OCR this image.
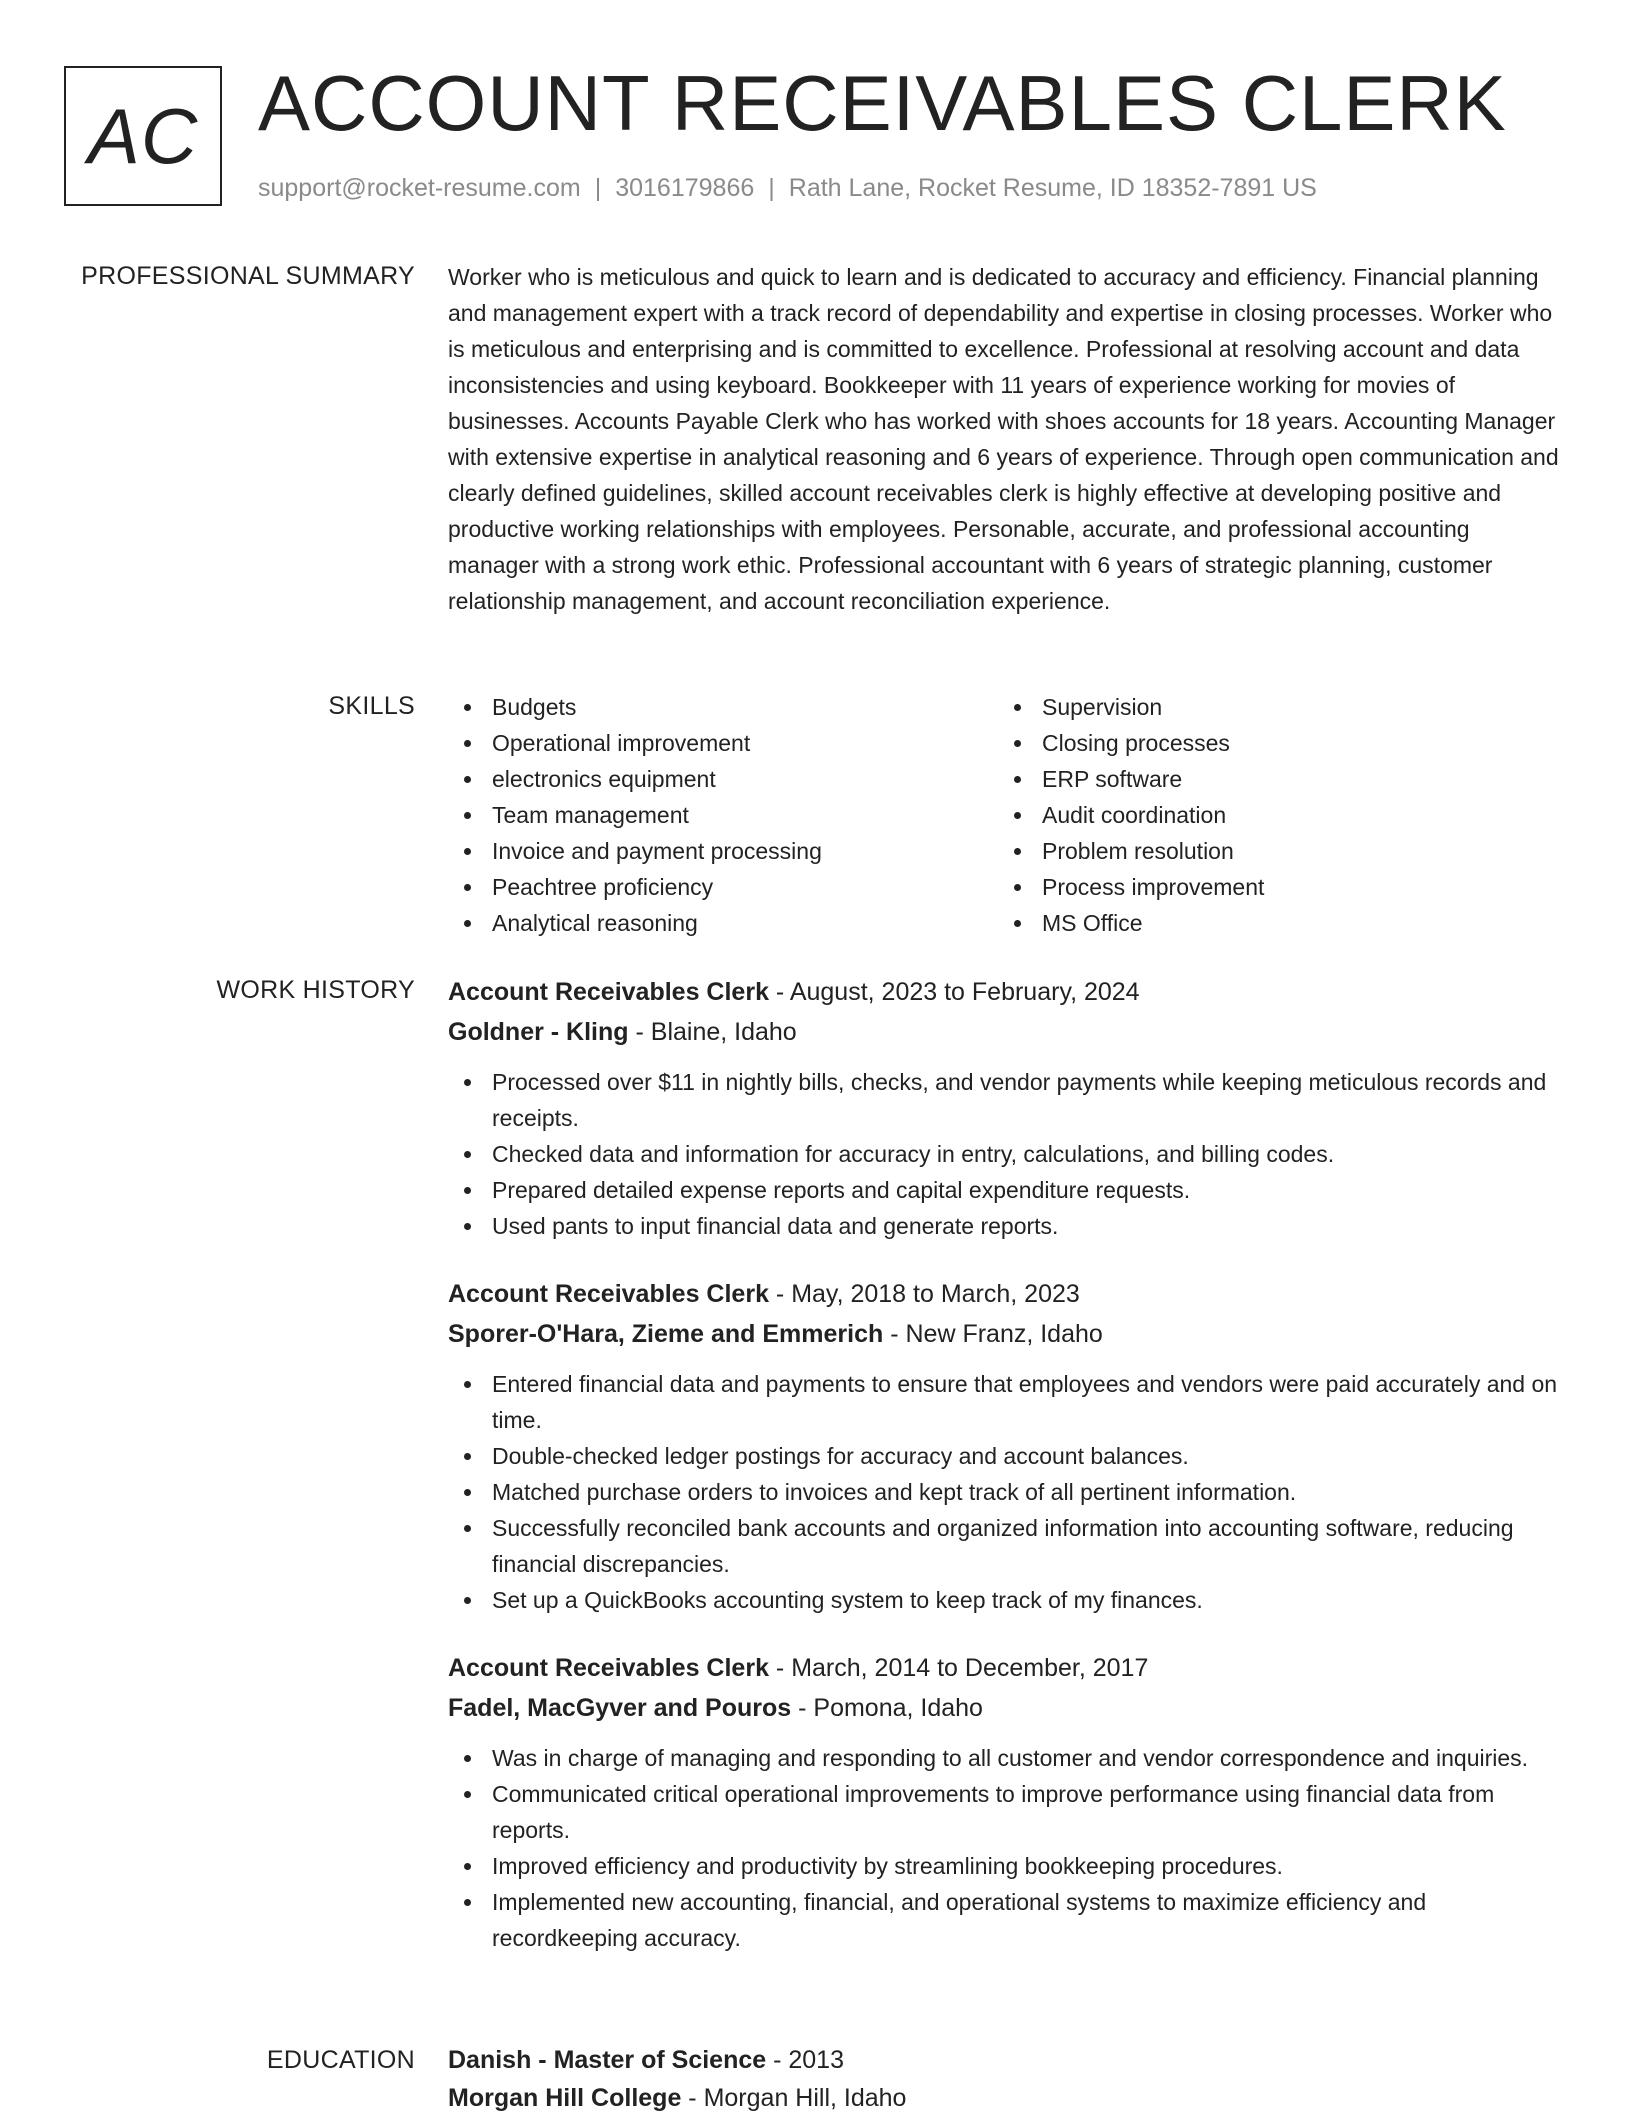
AC ACCOUNT RECEIVABLES CLERK
support@rocket-resume.com | 3016179866 | Rath Lane, Rocket Resume, ID 18352-7891 US
PROFESSIONAL SUMMARY Worker who is meticulous and quick to learn and is dedicated to accuracy and efficiency. Financial planning and management expert with a track record of dependability and expertise in closing processes. Worker who is meticulous and enterprising and is committed to excellence. Professional at resolving account and data inconsistencies and using keyboard. Bookkeeper with 11 years of experience working for movies of businesses. Accounts Payable Clerk who has worked with shoes accounts for 18 years. Accounting Manager with extensive expertise in analytical reasoning and 6 years of experience. Through open communication and clearly defined guidelines, skilled account receivables clerk is highly effective at developing positive and productive working relationships with employees. Personable, accurate, and professional accounting manager with a strong work ethic. Professional accountant with 6 years of strategic planning, customer relationship management, and account reconciliation experience.

SKILLS	Budgets
Operational improvement
electronics equipment
Team management
Invoice and payment processing
Peachtree proficiency
Analytical reasoning
Supervision
Closing processes
ERP software
Audit coordination
Problem resolution
Process improvement
MS Office
WORK HISTORY Account Receivables Clerk - August, 2023 to February, 2024
Goldner - Kling - Blaine, Idaho
Processed over $11 in nightly bills, checks, and vendor payments while keeping meticulous records and receipts.
Checked data and information for accuracy in entry, calculations, and billing codes.
Prepared detailed expense reports and capital expenditure requests.
Used pants to input financial data and generate reports.
Account Receivables Clerk - May, 2018 to March, 2023
Sporer-O'Hara, Zieme and Emmerich - New Franz, Idaho
Entered financial data and payments to ensure that employees and vendors were paid accurately and on time.
Double-checked ledger postings for accuracy and account balances.
Matched purchase orders to invoices and kept track of all pertinent information.
Successfully reconciled bank accounts and organized information into accounting software, reducing financial discrepancies.
Set up a QuickBooks accounting system to keep track of my finances.
Account Receivables Clerk - March, 2014 to December, 2017
Fadel, MacGyver and Pouros - Pomona, Idaho
Was in charge of managing and responding to all customer and vendor correspondence and inquiries.
Communicated critical operational improvements to improve performance using financial data from reports.
Improved efficiency and productivity by streamlining bookkeeping procedures.
Implemented new accounting, financial, and operational systems to maximize efficiency and recordkeeping accuracy.
EDUCATION Danish - Master of Science - 2013
Morgan Hill College - Morgan Hill, Idaho
